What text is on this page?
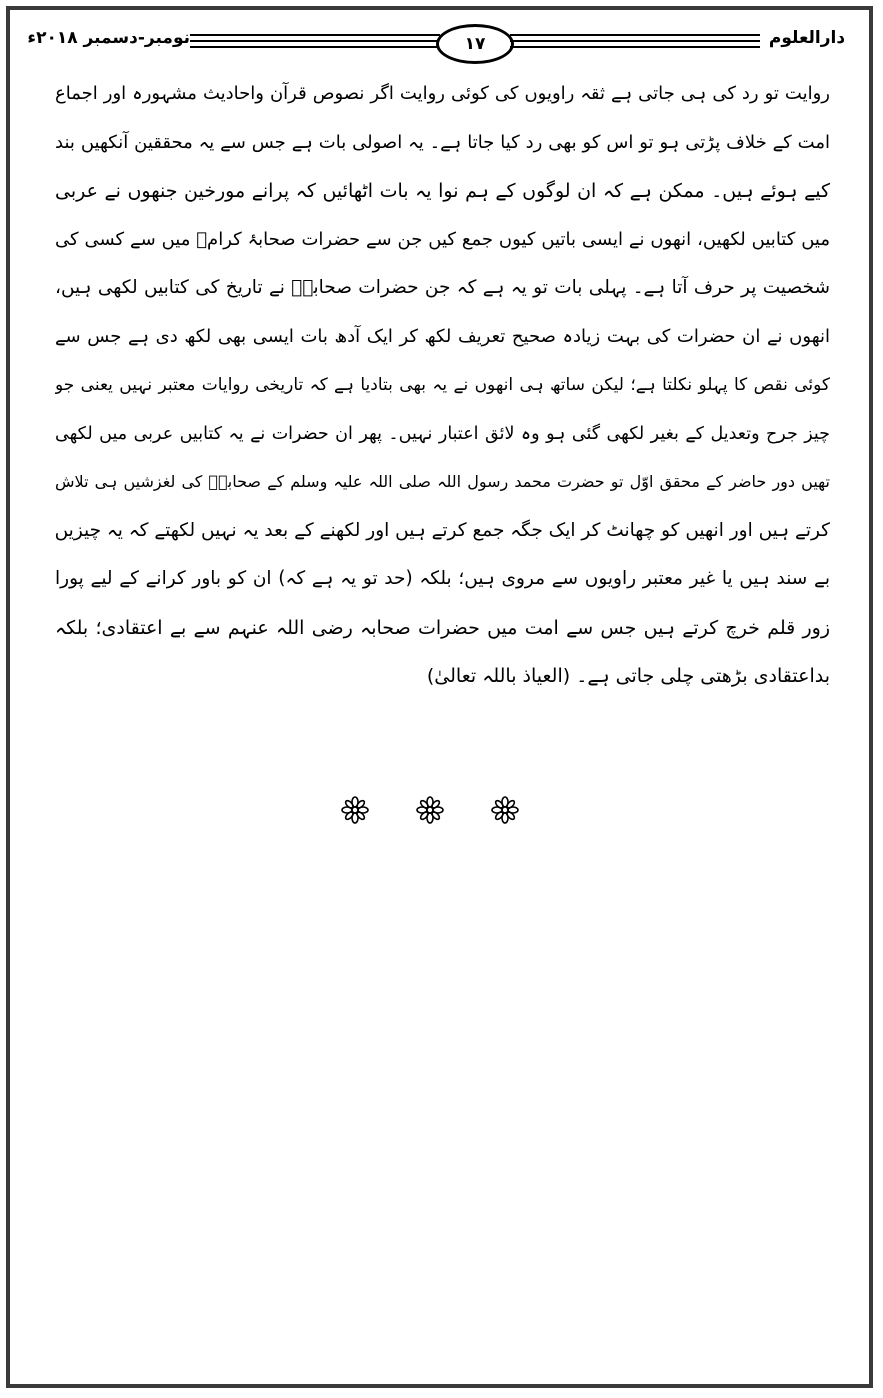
نومبر-دسمبر ۲۰۱۸ء	۱۷	دارالعلوم
روایت تو رد کی ہی جاتی ہے ثقہ راویوں کی کوئی روایت اگر نصوص قرآن واحادیث مشہورہ اور اجماع
امت کے خلاف پڑتی ہو تو اس کو بھی رد کیا جاتا ہے۔ یہ اصولی بات ہے جس سے یہ محققین آنکھیں بند
کیے ہوئے ہیں۔ ممکن ہے کہ ان لوگوں کے ہم نوا یہ بات اٹھائیں کہ پرانے مورخین جنھوں نے عربی
میں کتابیں لکھیں، انھوں نے ایسی باتیں کیوں جمع کیں جن سے حضرات صحابۂ کرامؓ میں سے کسی کی
شخصیت پر حرف آتا ہے۔ پہلی بات تو یہ ہے کہ جن حضرات صحابہؓ نے تاریخ کی کتابیں لکھی ہیں،
انھوں نے ان حضرات کی بہت زیادہ صحیح تعریف لکھ کر ایک آدھ بات ایسی بھی لکھ دی ہے جس سے
کوئی نقص کا پہلو نکلتا ہے؛ لیکن ساتھ ہی انھوں نے یہ بھی بتادیا ہے کہ تاریخی روایات معتبر نہیں یعنی جو
چیز جرح وتعدیل کے بغیر لکھی گئی ہو وہ لائق اعتبار نہیں۔ پھر ان حضرات نے یہ کتابیں عربی میں لکھی
تھیں دور حاضر کے محقق اوّل تو حضرت محمد رسول اللہ صلی اللہ علیہ وسلم کے صحابہؓ کی لغزشیں ہی تلاش
کرتے ہیں اور انھیں کو چھانٹ کر ایک جگہ جمع کرتے ہیں اور لکھنے کے بعد یہ نہیں لکھتے کہ یہ چیزیں
بے سند ہیں یا غیر معتبر راویوں سے مروی ہیں؛ بلکہ (حد تو یہ ہے کہ) ان کو باور کرانے کے لیے پورا
زور قلم خرچ کرتے ہیں جس سے امت میں حضرات صحابہ رضی اللہ عنہم سے بے اعتقادی؛ بلکہ
بداعتقادی بڑھتی چلی جاتی ہے۔ (العیاذ باللہ تعالیٰ)
